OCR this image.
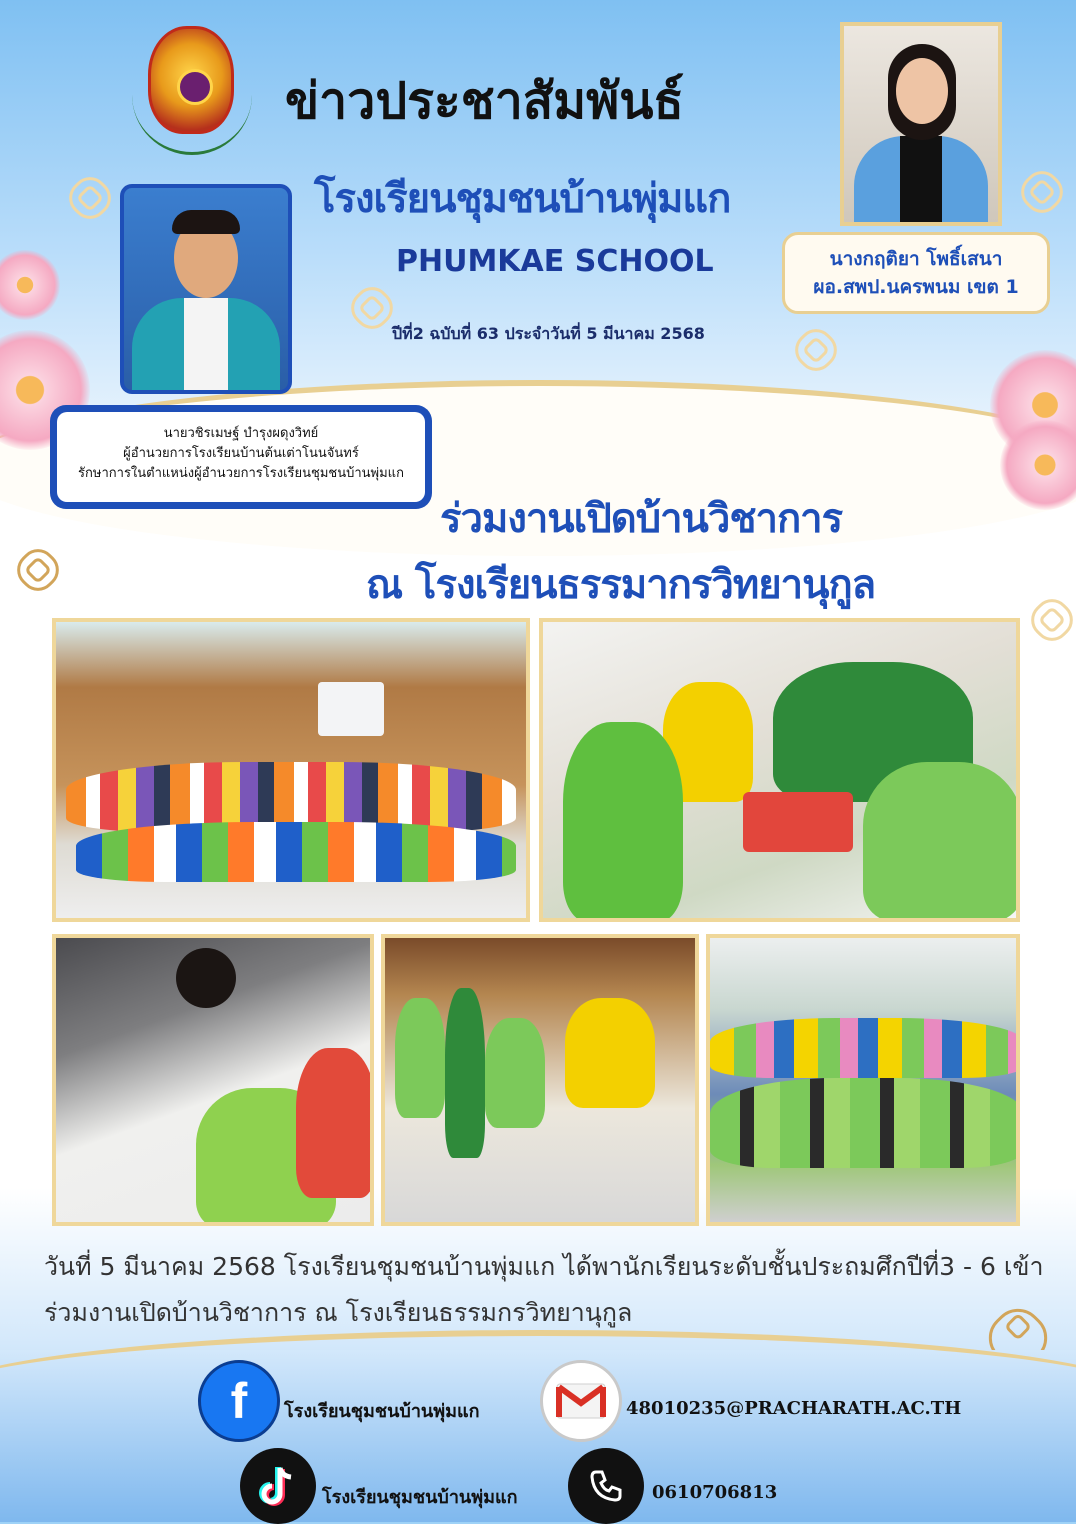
ข่าวประชาสัมพันธ์
โรงเรียนชุมชนบ้านพุ่มแก
PHUMKAE SCHOOL
ปีที่2 ฉบับที่ 63 ประจำวันที่ 5 มีนาคม 2568
นางกฤติยา โพธิ์เสนา
ผอ.สพป.นครพนม เขต 1
นายวชิรเมษฐ์ บำรุงผดุงวิทย์
ผู้อำนวยการโรงเรียนบ้านต้นเต่าโนนจันทร์
รักษาการในตำแหน่งผู้อำนวยการโรงเรียนชุมชนบ้านพุ่มแก
ร่วมงานเปิดบ้านวิชาการ
ณ โรงเรียนธรรมากรวิทยานุกูล
วันที่ 5 มีนาคม 2568 โรงเรียนชุมชนบ้านพุ่มแก ได้พานักเรียนระดับชั้นประถมศึกปีที่3 - 6 เข้าร่วมงานเปิดบ้านวิชาการ ณ โรงเรียนธรรมกรวิทยานุกูล
f	โรงเรียนชุมชนบ้านพุ่มแก	48010235@PRACHARATH.AC.TH
โรงเรียนชุมชนบ้านพุ่มแก	0610706813
